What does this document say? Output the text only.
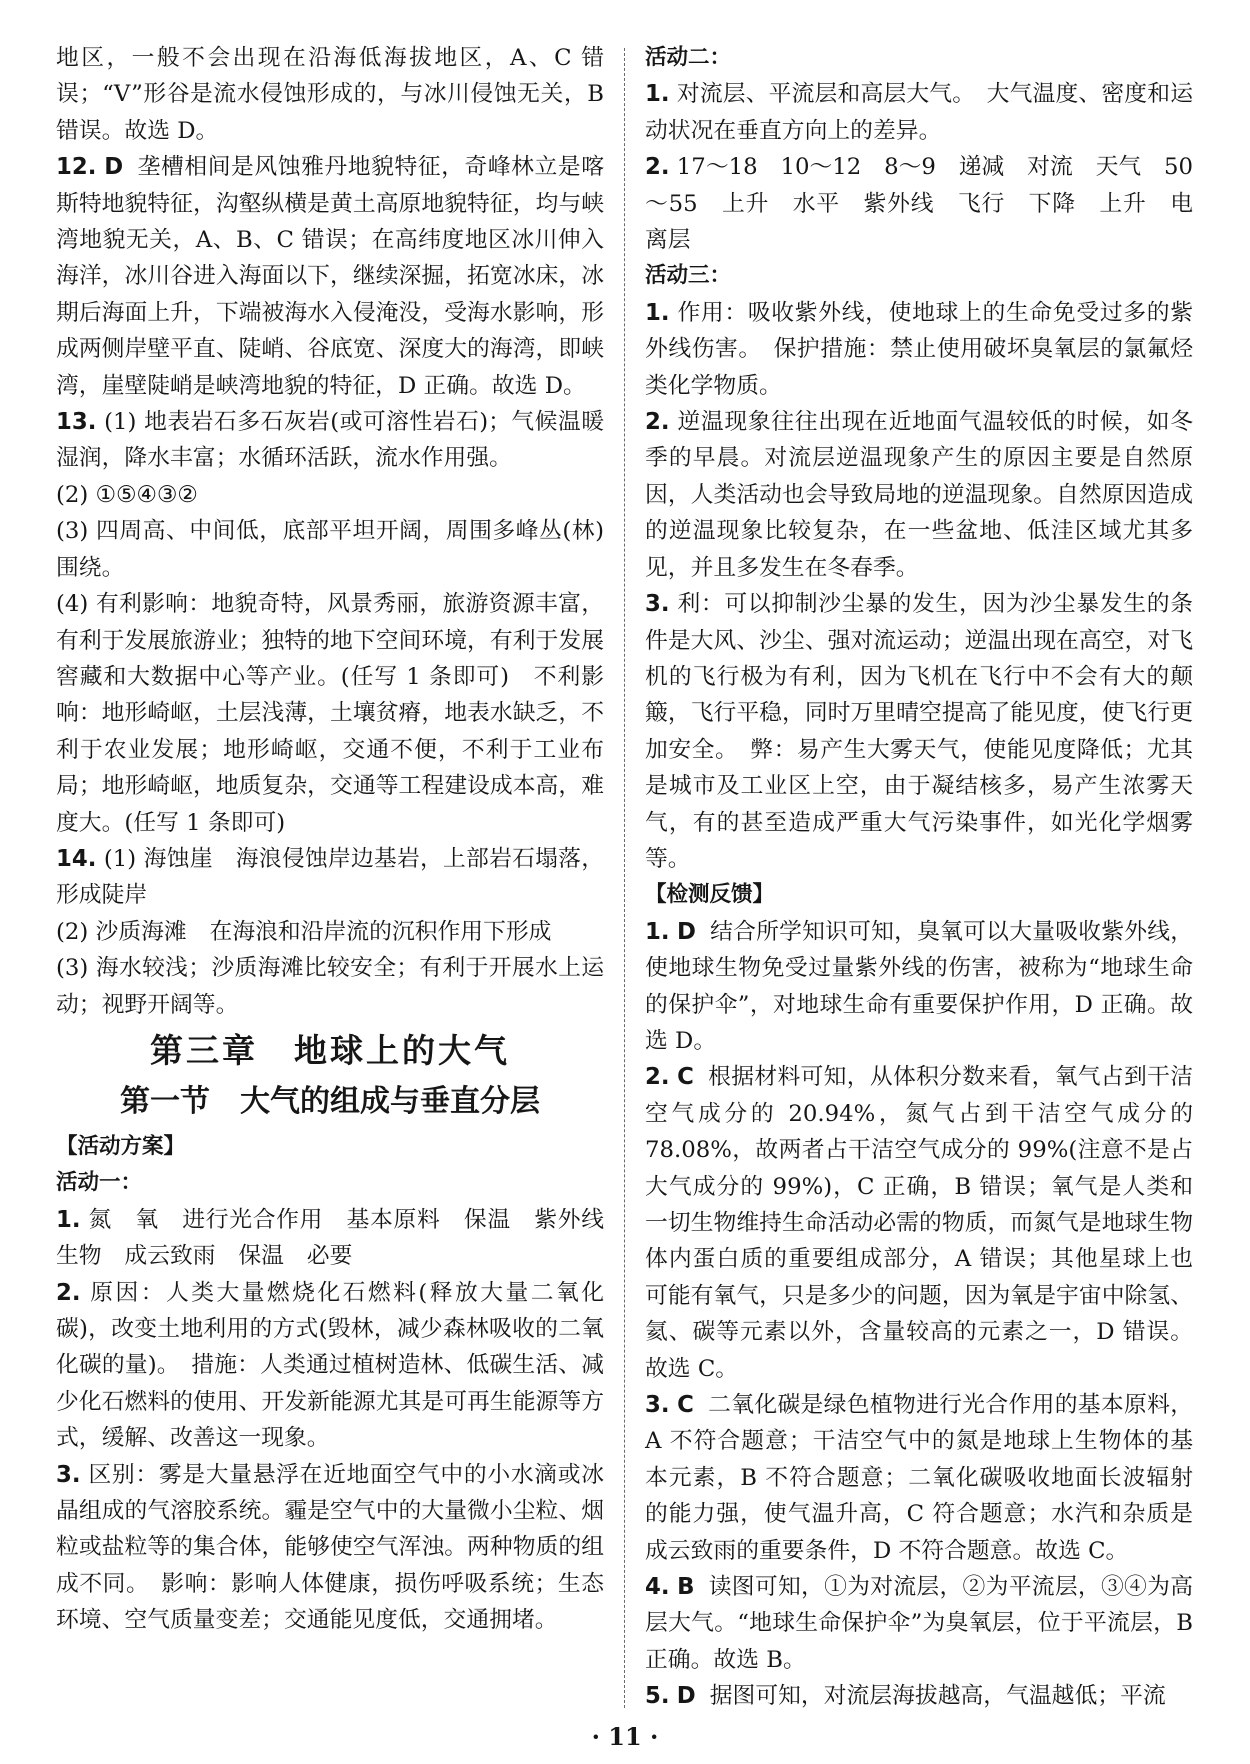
地区，一般不会出现在沿海低海拔地区，A、C 错误；“V”形谷是流水侵蚀形成的，与冰川侵蚀无关，B 错误。故选 D。

12. D 垄槽相间是风蚀雅丹地貌特征，奇峰林立是喀斯特地貌特征，沟壑纵横是黄土高原地貌特征，均与峡湾地貌无关，A、B、C 错误；在高纬度地区冰川伸入海洋，冰川谷进入海面以下，继续深掘，拓宽冰床，冰期后海面上升，下端被海水入侵淹没，受海水影响，形成两侧岸壁平直、陡峭、谷底宽、深度大的海湾，即峡湾，崖壁陡峭是峡湾地貌的特征，D 正确。故选 D。

13. (1) 地表岩石多石灰岩(或可溶性岩石)；气候温暖湿润，降水丰富；水循环活跃，流水作用强。

(2) ①⑤④③②

(3) 四周高、中间低，底部平坦开阔，周围多峰丛(林)围绕。

(4) 有利影响：地貌奇特，风景秀丽，旅游资源丰富，有利于发展旅游业；独特的地下空间环境，有利于发展窖藏和大数据中心等产业。(任写 1 条即可)　不利影响：地形崎岖，土层浅薄，土壤贫瘠，地表水缺乏，不利于农业发展；地形崎岖，交通不便，不利于工业布局；地形崎岖，地质复杂，交通等工程建设成本高，难度大。(任写 1 条即可)

14. (1) 海蚀崖　海浪侵蚀岸边基岩，上部岩石塌落，形成陡岸

(2) 沙质海滩　在海浪和沿岸流的沉积作用下形成

(3) 海水较浅；沙质海滩比较安全；有利于开展水上运动；视野开阔等。

第三章　地球上的大气

第一节　大气的组成与垂直分层

【活动方案】

活动一：

1. 氮　氧　进行光合作用　基本原料　保温　紫外线　生物　成云致雨　保温　必要

2. 原因：人类大量燃烧化石燃料(释放大量二氧化碳)，改变土地利用的方式(毁林，减少森林吸收的二氧化碳的量)。　措施：人类通过植树造林、低碳生活、减少化石燃料的使用、开发新能源尤其是可再生能源等方式，缓解、改善这一现象。

3. 区别：雾是大量悬浮在近地面空气中的小水滴或冰晶组成的气溶胶系统。霾是空气中的大量微小尘粒、烟粒或盐粒等的集合体，能够使空气浑浊。两种物质的组成不同。　影响：影响人体健康，损伤呼吸系统；生态环境、空气质量变差；交通能见度低，交通拥堵。

活动二：

1. 对流层、平流层和高层大气。　大气温度、密度和运动状况在垂直方向上的差异。

2. 17～18　10～12　8～9　递减　对流　天气　50～55　上升　水平　紫外线　飞行　下降　上升　电离层

活动三：

1. 作用：吸收紫外线，使地球上的生命免受过多的紫外线伤害。　保护措施：禁止使用破坏臭氧层的氯氟烃类化学物质。

2. 逆温现象往往出现在近地面气温较低的时候，如冬季的早晨。对流层逆温现象产生的原因主要是自然原因，人类活动也会导致局地的逆温现象。自然原因造成的逆温现象比较复杂，在一些盆地、低洼区域尤其多见，并且多发生在冬春季。

3. 利：可以抑制沙尘暴的发生，因为沙尘暴发生的条件是大风、沙尘、强对流运动；逆温出现在高空，对飞机的飞行极为有利，因为飞机在飞行中不会有大的颠簸，飞行平稳，同时万里晴空提高了能见度，使飞行更加安全。　弊：易产生大雾天气，使能见度降低；尤其是城市及工业区上空，由于凝结核多，易产生浓雾天气，有的甚至造成严重大气污染事件，如光化学烟雾等。

【检测反馈】

1. D 结合所学知识可知，臭氧可以大量吸收紫外线，使地球生物免受过量紫外线的伤害，被称为“地球生命的保护伞”，对地球生命有重要保护作用，D 正确。故选 D。

2. C 根据材料可知，从体积分数来看，氧气占到干洁空气成分的 20.94%，氮气占到干洁空气成分的 78.08%，故两者占干洁空气成分的 99%(注意不是占大气成分的 99%)，C 正确，B 错误；氧气是人类和一切生物维持生命活动必需的物质，而氮气是地球生物体内蛋白质的重要组成部分，A 错误；其他星球上也可能有氧气，只是多少的问题，因为氧是宇宙中除氢、氦、碳等元素以外，含量较高的元素之一，D 错误。故选 C。

3. C 二氧化碳是绿色植物进行光合作用的基本原料，A 不符合题意；干洁空气中的氮是地球上生物体的基本元素，B 不符合题意；二氧化碳吸收地面长波辐射的能力强，使气温升高，C 符合题意；水汽和杂质是成云致雨的重要条件，D 不符合题意。故选 C。

4. B 读图可知，①为对流层，②为平流层，③④为高层大气。“地球生命保护伞”为臭氧层，位于平流层，B 正确。故选 B。

5. D 据图可知，对流层海拔越高，气温越低；平流

· 11 ·
